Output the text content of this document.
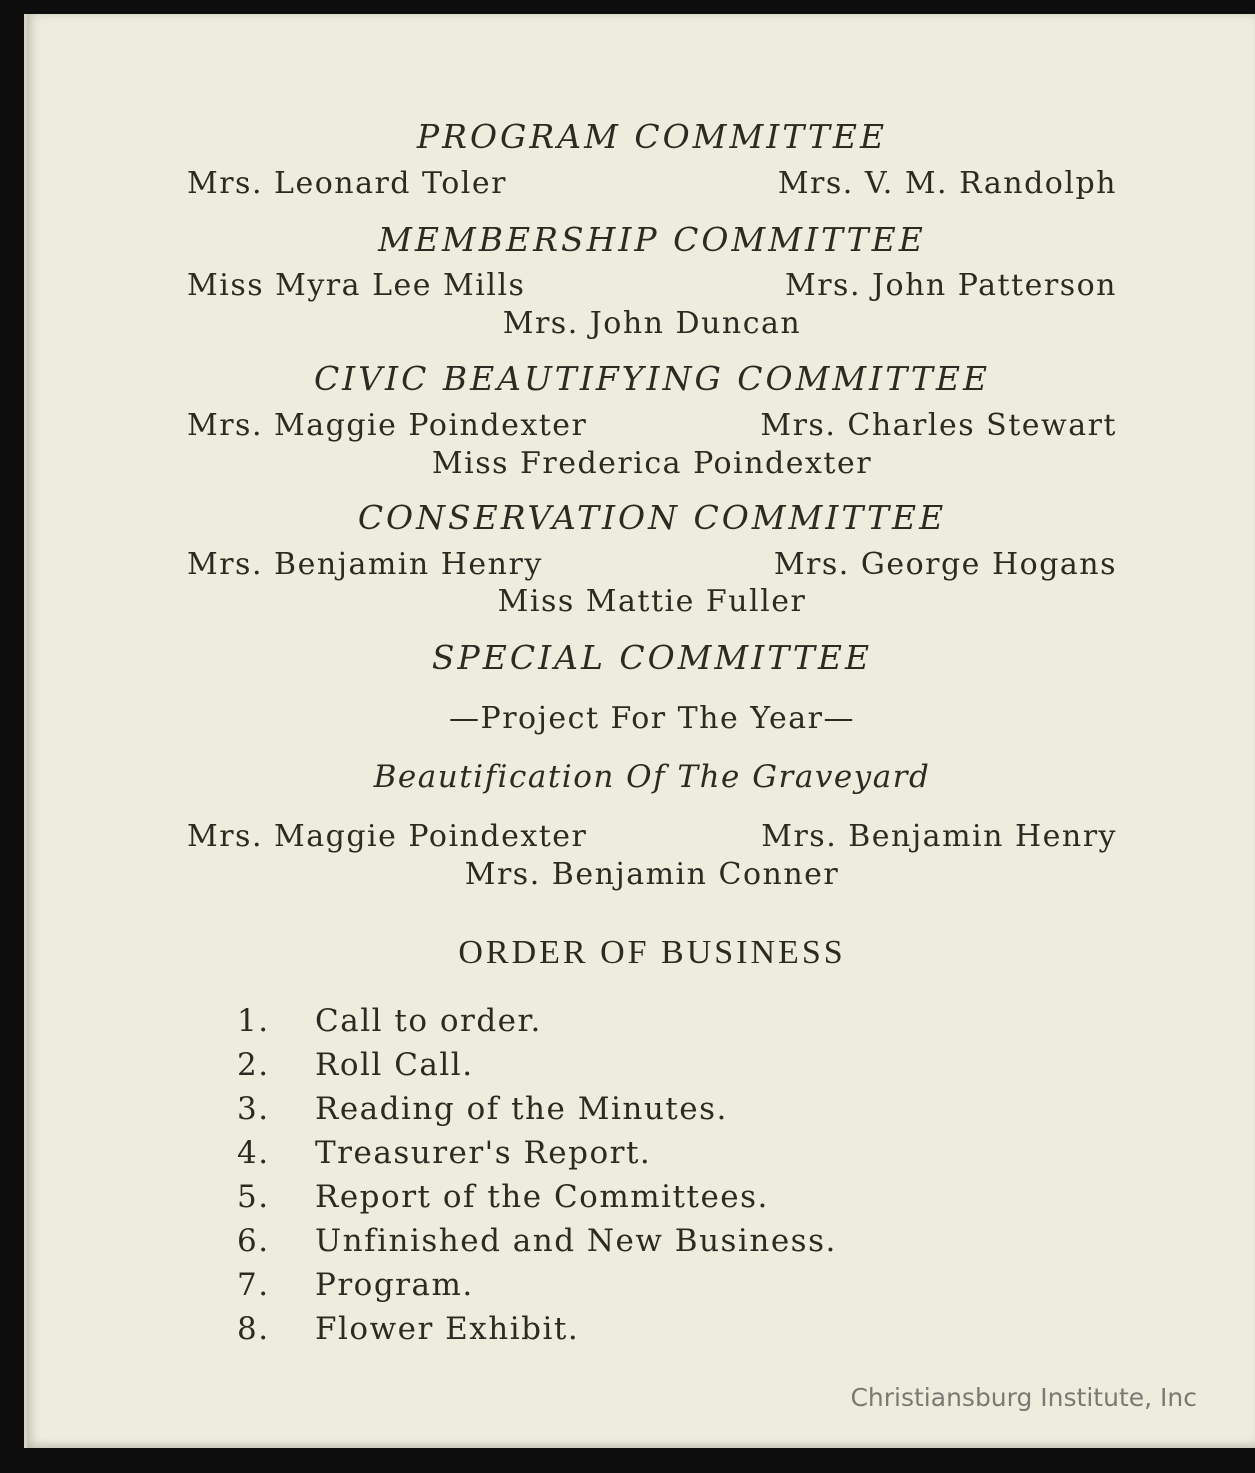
PROGRAM COMMITTEE
Mrs. Leonard Toler	Mrs. V. M. Randolph
MEMBERSHIP COMMITTEE
Miss Myra Lee Mills	Mrs. John Patterson
Mrs. John Duncan
CIVIC BEAUTIFYING COMMITTEE
Mrs. Maggie Poindexter	Mrs. Charles Stewart
Miss Frederica Poindexter
CONSERVATION COMMITTEE
Mrs. Benjamin Henry	Mrs. George Hogans
Miss Mattie Fuller
SPECIAL COMMITTEE
—Project For The Year—
Beautification Of The Graveyard
Mrs. Maggie Poindexter	Mrs. Benjamin Henry
Mrs. Benjamin Conner
ORDER OF BUSINESS
1. Call to order.
2. Roll Call.
3. Reading of the Minutes.
4. Treasurer's Report.
5. Report of the Committees.
6. Unfinished and New Business.
7. Program.
8. Flower Exhibit.
Christiansburg Institute, Inc
